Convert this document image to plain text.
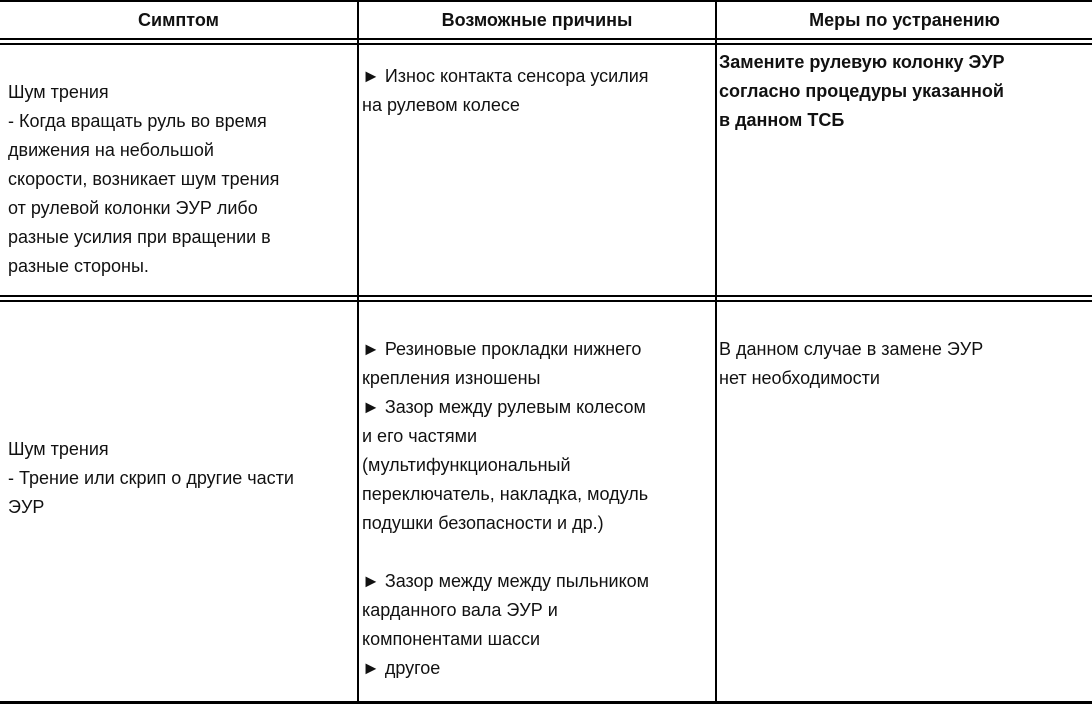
Симптом	Возможные причины	Меры по устранению
Шум трения
- Когда вращать руль во время
движения на небольшой
скорости, возникает шум трения
от рулевой колонки ЭУР либо
разные усилия при вращении в
разные стороны.
► Износ контакта сенсора усилия
на рулевом колесе
Замените рулевую колонку ЭУР
согласно процедуры указанной
в данном ТСБ
Шум трения
- Трение или скрип о другие части
ЭУР
► Резиновые прокладки нижнего
крепления изношены
► Зазор между рулевым колесом
и его частями
(мультифункциональный
переключатель, накладка, модуль
подушки безопасности и др.)
► Зазор между между пыльником
карданного вала ЭУР и
компонентами шасси
► другое
В данном случае в замене ЭУР
нет необходимости
